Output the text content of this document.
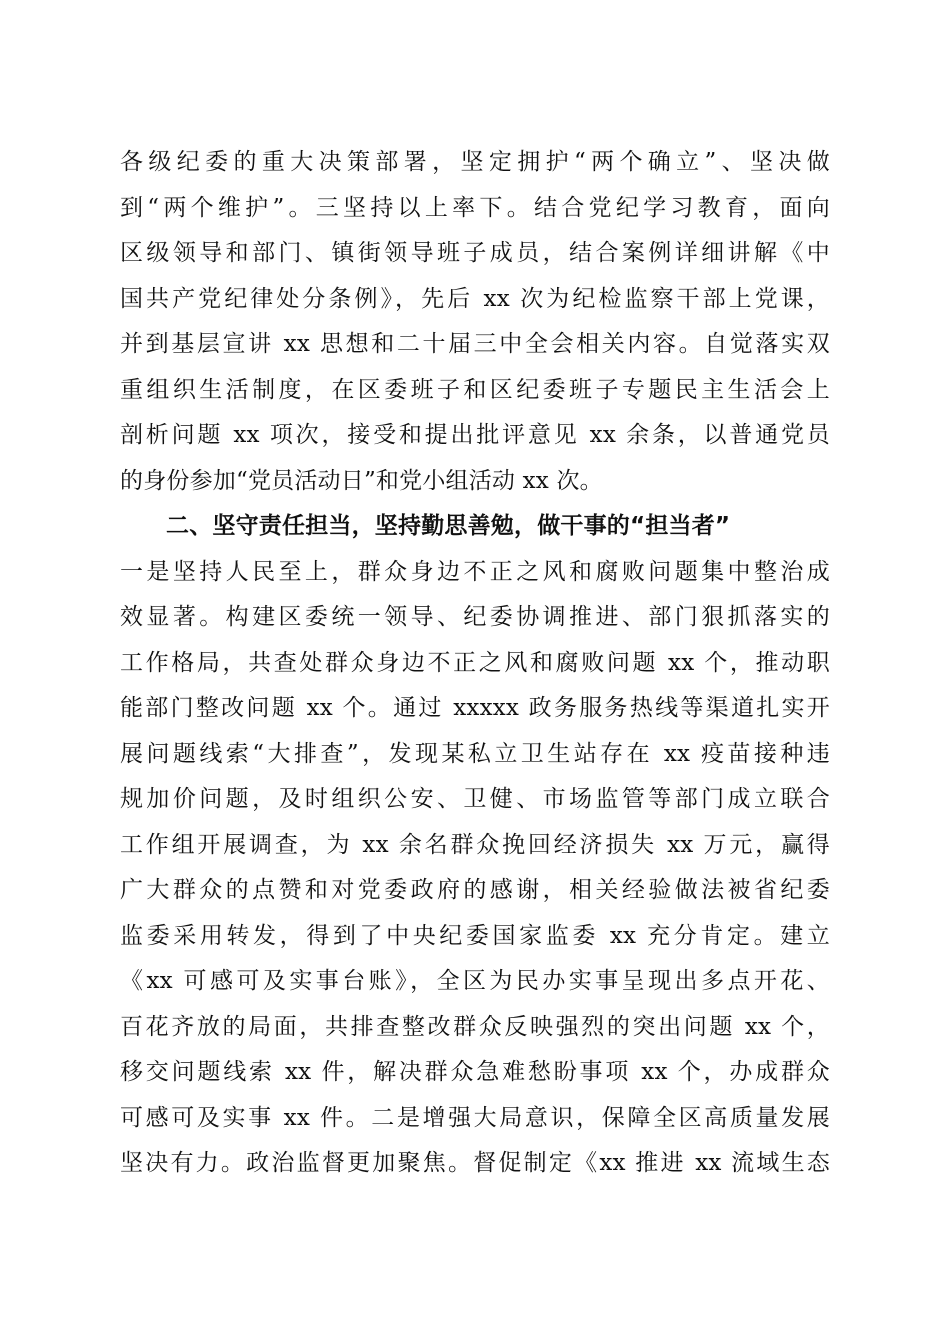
各级纪委的重大决策部署，坚定拥护“两个确立”、坚决做
到“两个维护”。三坚持以上率下。结合党纪学习教育，面向
区级领导和部门、镇街领导班子成员，结合案例详细讲解《中
国共产党纪律处分条例》，先后 xx 次为纪检监察干部上党课，
并到基层宣讲 xx 思想和二十届三中全会相关内容。自觉落实双
重组织生活制度，在区委班子和区纪委班子专题民主生活会上
剖析问题 xx 项次，接受和提出批评意见 xx 余条，以普通党员
的身份参加“党员活动日”和党小组活动 xx 次。
二、坚守责任担当，坚持勤思善勉，做干事的“担当者”
一是坚持人民至上，群众身边不正之风和腐败问题集中整治成
效显著。构建区委统一领导、纪委协调推进、部门狠抓落实的
工作格局，共查处群众身边不正之风和腐败问题 xx 个，推动职
能部门整改问题 xx 个。通过 xxxxx 政务服务热线等渠道扎实开
展问题线索“大排查”，发现某私立卫生站存在 xx 疫苗接种违
规加价问题，及时组织公安、卫健、市场监管等部门成立联合
工作组开展调查，为 xx 余名群众挽回经济损失 xx 万元，赢得
广大群众的点赞和对党委政府的感谢，相关经验做法被省纪委
监委采用转发，得到了中央纪委国家监委 xx 充分肯定。建立
《xx 可感可及实事台账》，全区为民办实事呈现出多点开花、
百花齐放的局面，共排查整改群众反映强烈的突出问题 xx 个，
移交问题线索 xx 件，解决群众急难愁盼事项 xx 个，办成群众
可感可及实事 xx 件。二是增强大局意识，保障全区高质量发展
坚决有力。政治监督更加聚焦。督促制定《xx 推进 xx 流域生态
